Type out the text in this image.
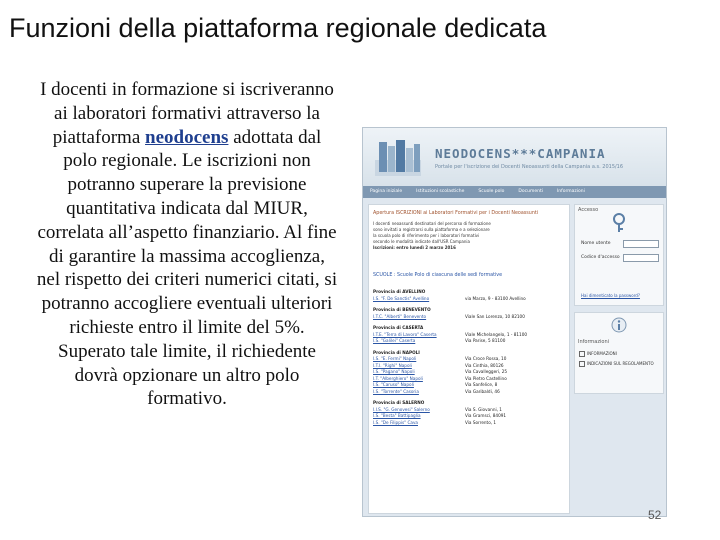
Funzioni della piattaforma regionale dedicata
I docenti in formazione si iscriveranno ai laboratori formativi attraverso la piattaforma neodocens adottata dal polo regionale. Le iscrizioni non potranno superare la previsione quantitativa indicata dal MIUR, correlata all’aspetto finanziario. Al fine di garantire la massima accoglienza, nel rispetto dei criteri numerici citati, si potranno accogliere eventuali ulteriori richieste entro il limite del 5%. Superato tale limite, il richiedente dovrà opzionare un altro polo formativo.
NEODOCENS***CAMPANIA
Portale per l'iscrizione dei Docenti Neoassunti della Campania a.s. 2015/16
Pagina iniziale	Istituzioni scolastiche	Scuole polo	Documenti	Informazioni
Apertura ISCRIZIONI ai Laboratori Formativi per i Docenti Neoassunti
I docenti neoassunti destinatari del percorso di formazione
sono invitati a registrarsi sulla piattaforma e a selezionare
la scuola polo di riferimento per i laboratori formativi
secondo le modalità indicate dall'USR Campania
Iscrizioni: entro lunedì 2 marzo 2016
SCUOLE : Scuole Polo di ciascuna delle sedi formative
Provincia di AVELLINO
I.S. "F. De Sanctis" Avellino	via Marzo, 9 - 83100 Avellino
Provincia di BENEVENTO
I.T.C. "Alberti" Benevento	Viale San Lorenzo, 10 82100
Provincia di CASERTA
I.T.E. "Terra di Lavoro" Caserta	Viale Michelangelo, 1 - 81100
I.S. "Galilei" Caserta	Via Parise, 5 81100
Provincia di NAPOLI
I.S. "E. Fermi" Napoli	Via Croce Rossa, 10
I.T.I. "Righi" Napoli	Via Cinthia, 80126
I.S. "Pagano" Napoli	Via Cavalleggeri, 25
I.T. "Alberghiero" Napoli	Via Pietro Castellino
I.S. "Caruso" Napoli	Via Sanfelice, 8
I.S. "Torrente" Casoria	Via Garibaldi, 46
Provincia di SALERNO
I.I.S. "G. Genovesi" Salerno	Via S. Giovanni, 1
I.S. "Besta" Battipaglia	Via Gramsci, 84091
I.S. "De Filippis" Cava	Via Sorrento, 1
Accesso
Nome utente
Codice d'accesso
Hai dimenticato la password?
Informazioni
INFORMAZIONI
INDICAZIONI SUL REGOLAMENTO
52
